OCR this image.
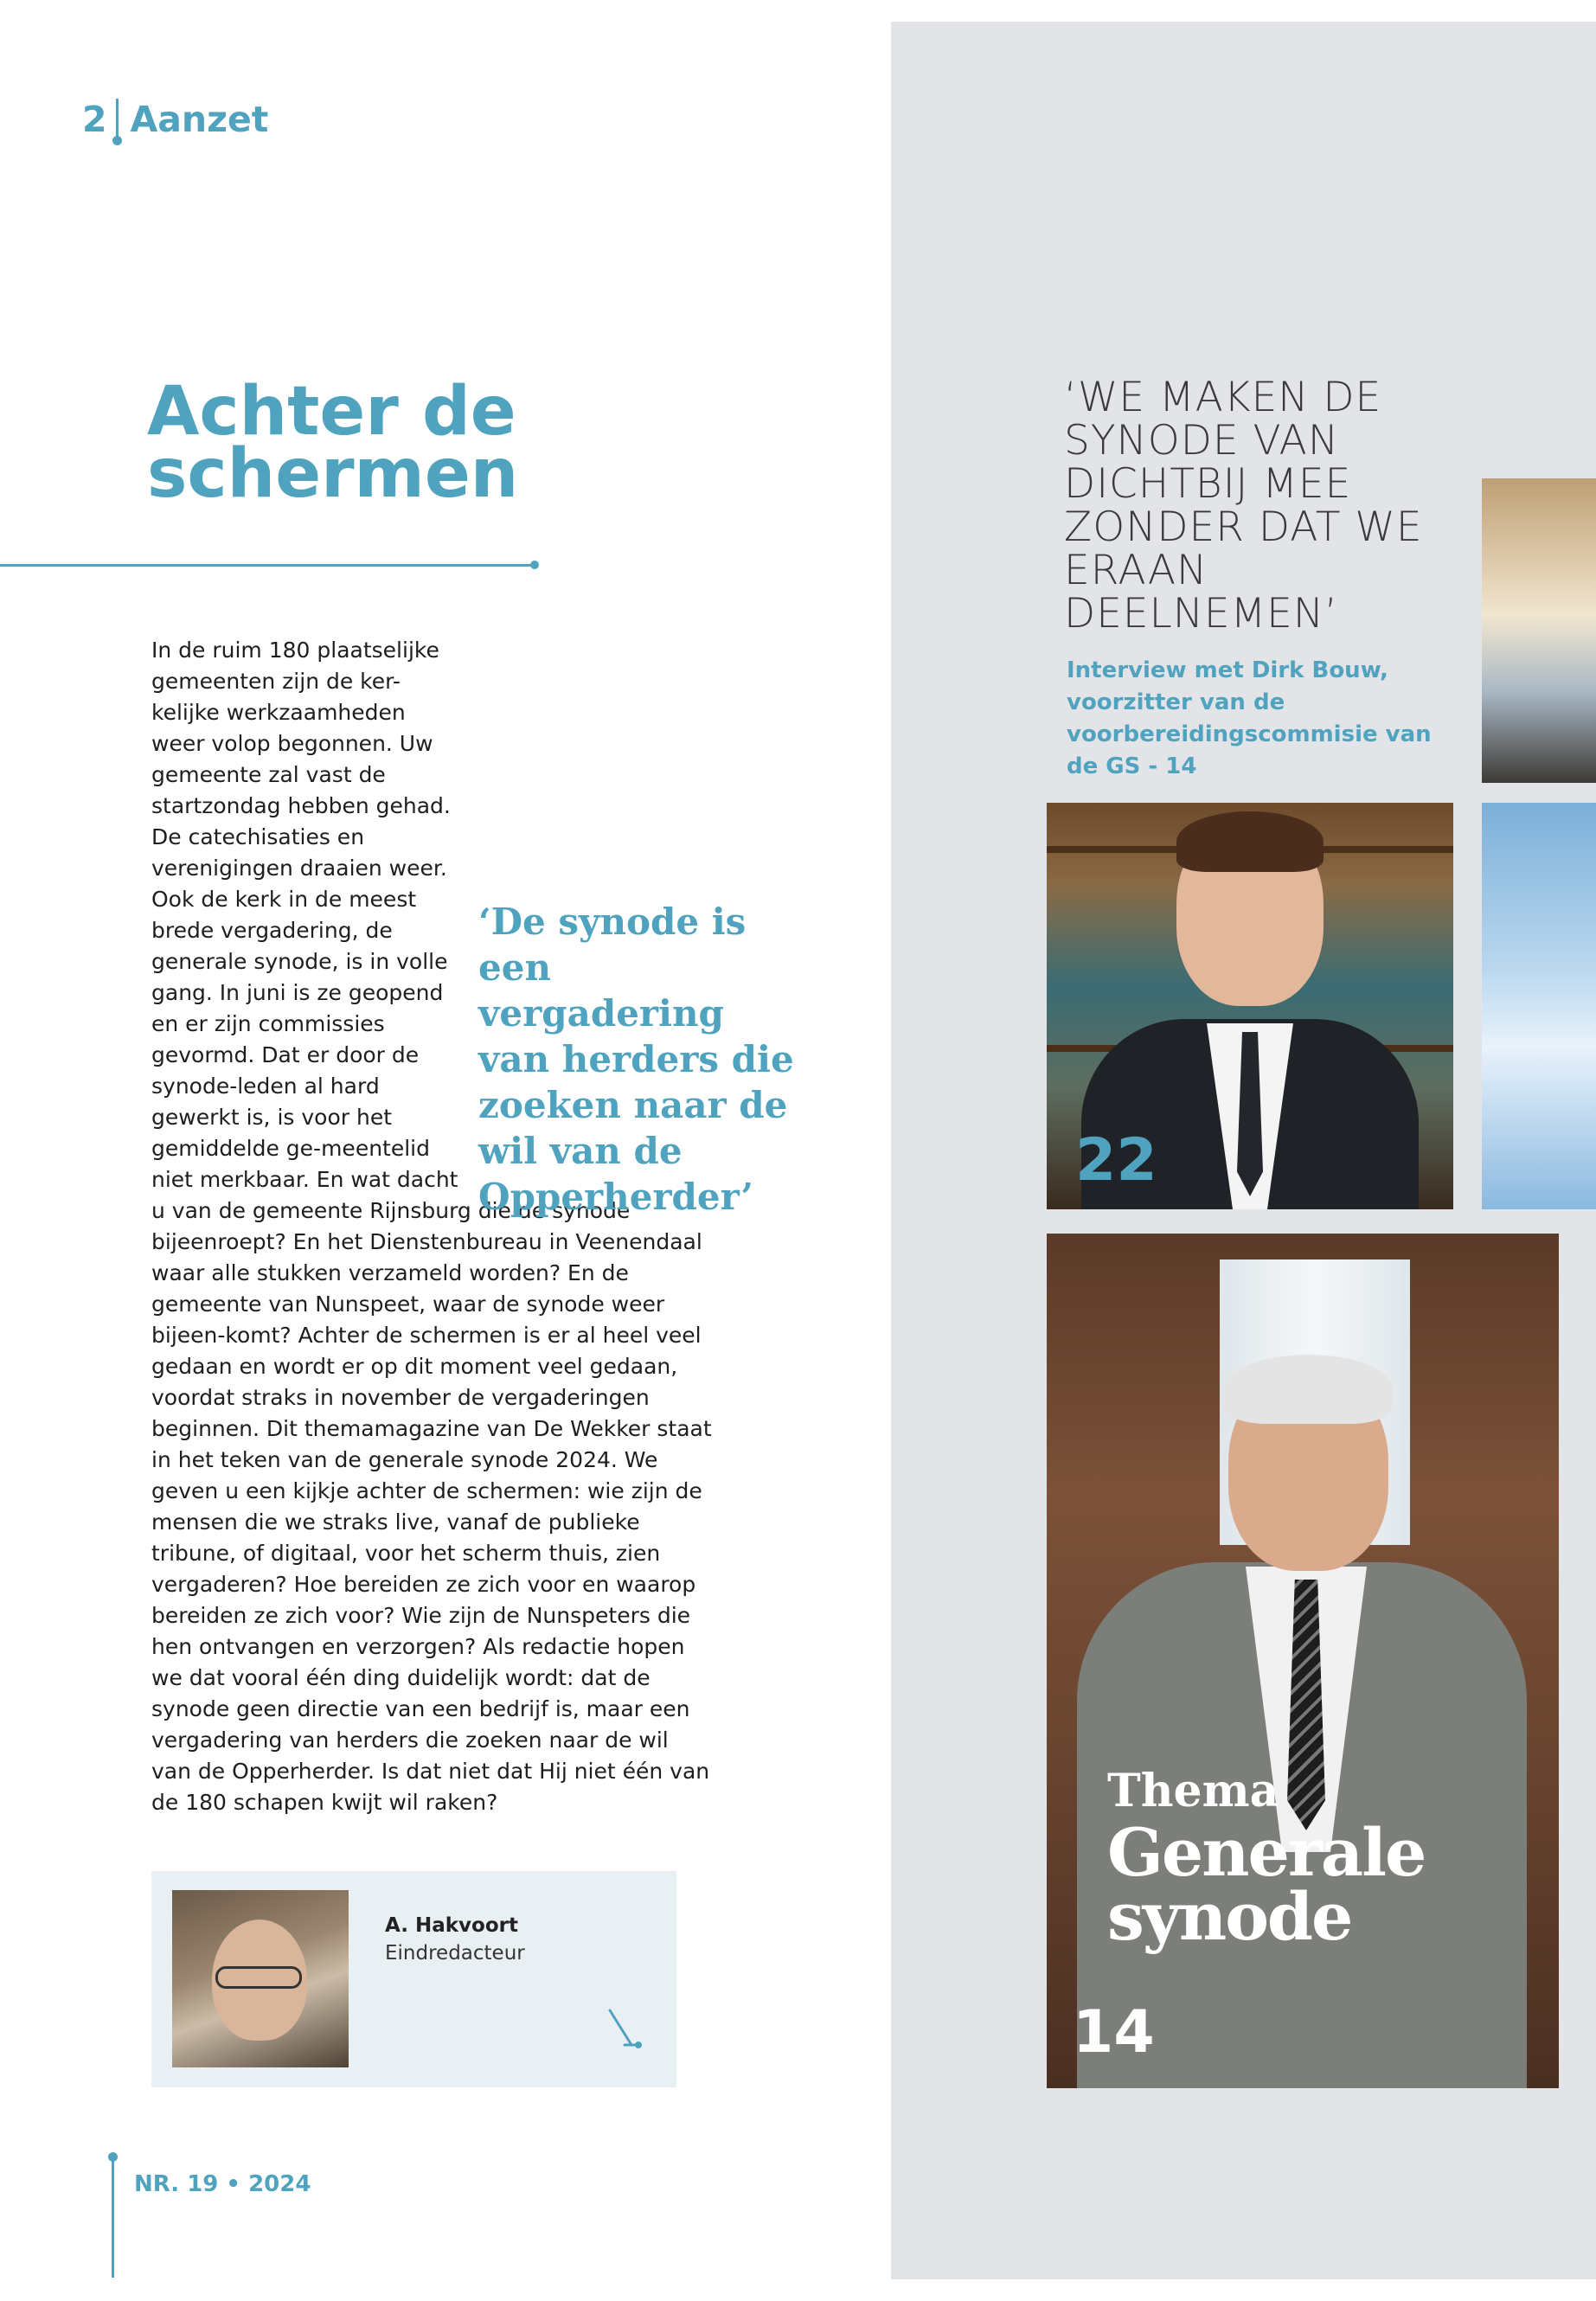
2 Aanzet
Achter de schermen
In de ruim 180 plaatselijke gemeenten zijn de ker-kelijke werkzaamheden weer volop begonnen. Uw gemeente zal vast de startzondag hebben gehad. De catechisaties en verenigingen draaien weer. Ook de kerk in de meest brede vergadering, de generale synode, is in volle gang. In juni is ze geopend en er zijn commissies gevormd. Dat er door de synode-leden al hard gewerkt is, is voor het gemiddelde ge-meentelid niet merkbaar. En wat dacht u van de gemeente Rijnsburg die de synode bijeenroept? En het Dienstenbureau in Veenendaal waar alle stukken verzameld worden? En de gemeente van Nunspeet, waar de synode weer bijeen-komt? Achter de schermen is er al heel veel gedaan en wordt er op dit moment veel gedaan, voordat straks in november de vergaderingen beginnen. Dit themamagazine van De Wekker staat in het teken van de generale synode 2024. We geven u een kijkje achter de schermen: wie zijn de mensen die we straks live, vanaf de publieke tribune, of digitaal, voor het scherm thuis, zien vergaderen? Hoe bereiden ze zich voor en waarop bereiden ze zich voor? Wie zijn de Nunspeters die hen ontvangen en verzorgen? Als redactie hopen we dat vooral één ding duidelijk wordt: dat de synode geen directie van een bedrijf is, maar een vergadering van herders die zoeken naar de wil van de Opperherder. Is dat niet dat Hij niet één van de 180 schapen kwijt wil raken?
‘De synode is een vergadering van herders die zoeken naar de wil van de Opperherder’
A. Hakvoort
Eindredacteur
NR. 19 • 2024
‘WE MAKEN DE SYNODE VAN DICHTBIJ MEE ZONDER DAT WE ERAAN DEELNEMEN’
Interview met Dirk Bouw, voorzitter van de voorbereidingscommisie van de GS - 14
22
Thema
Generale synode
14
